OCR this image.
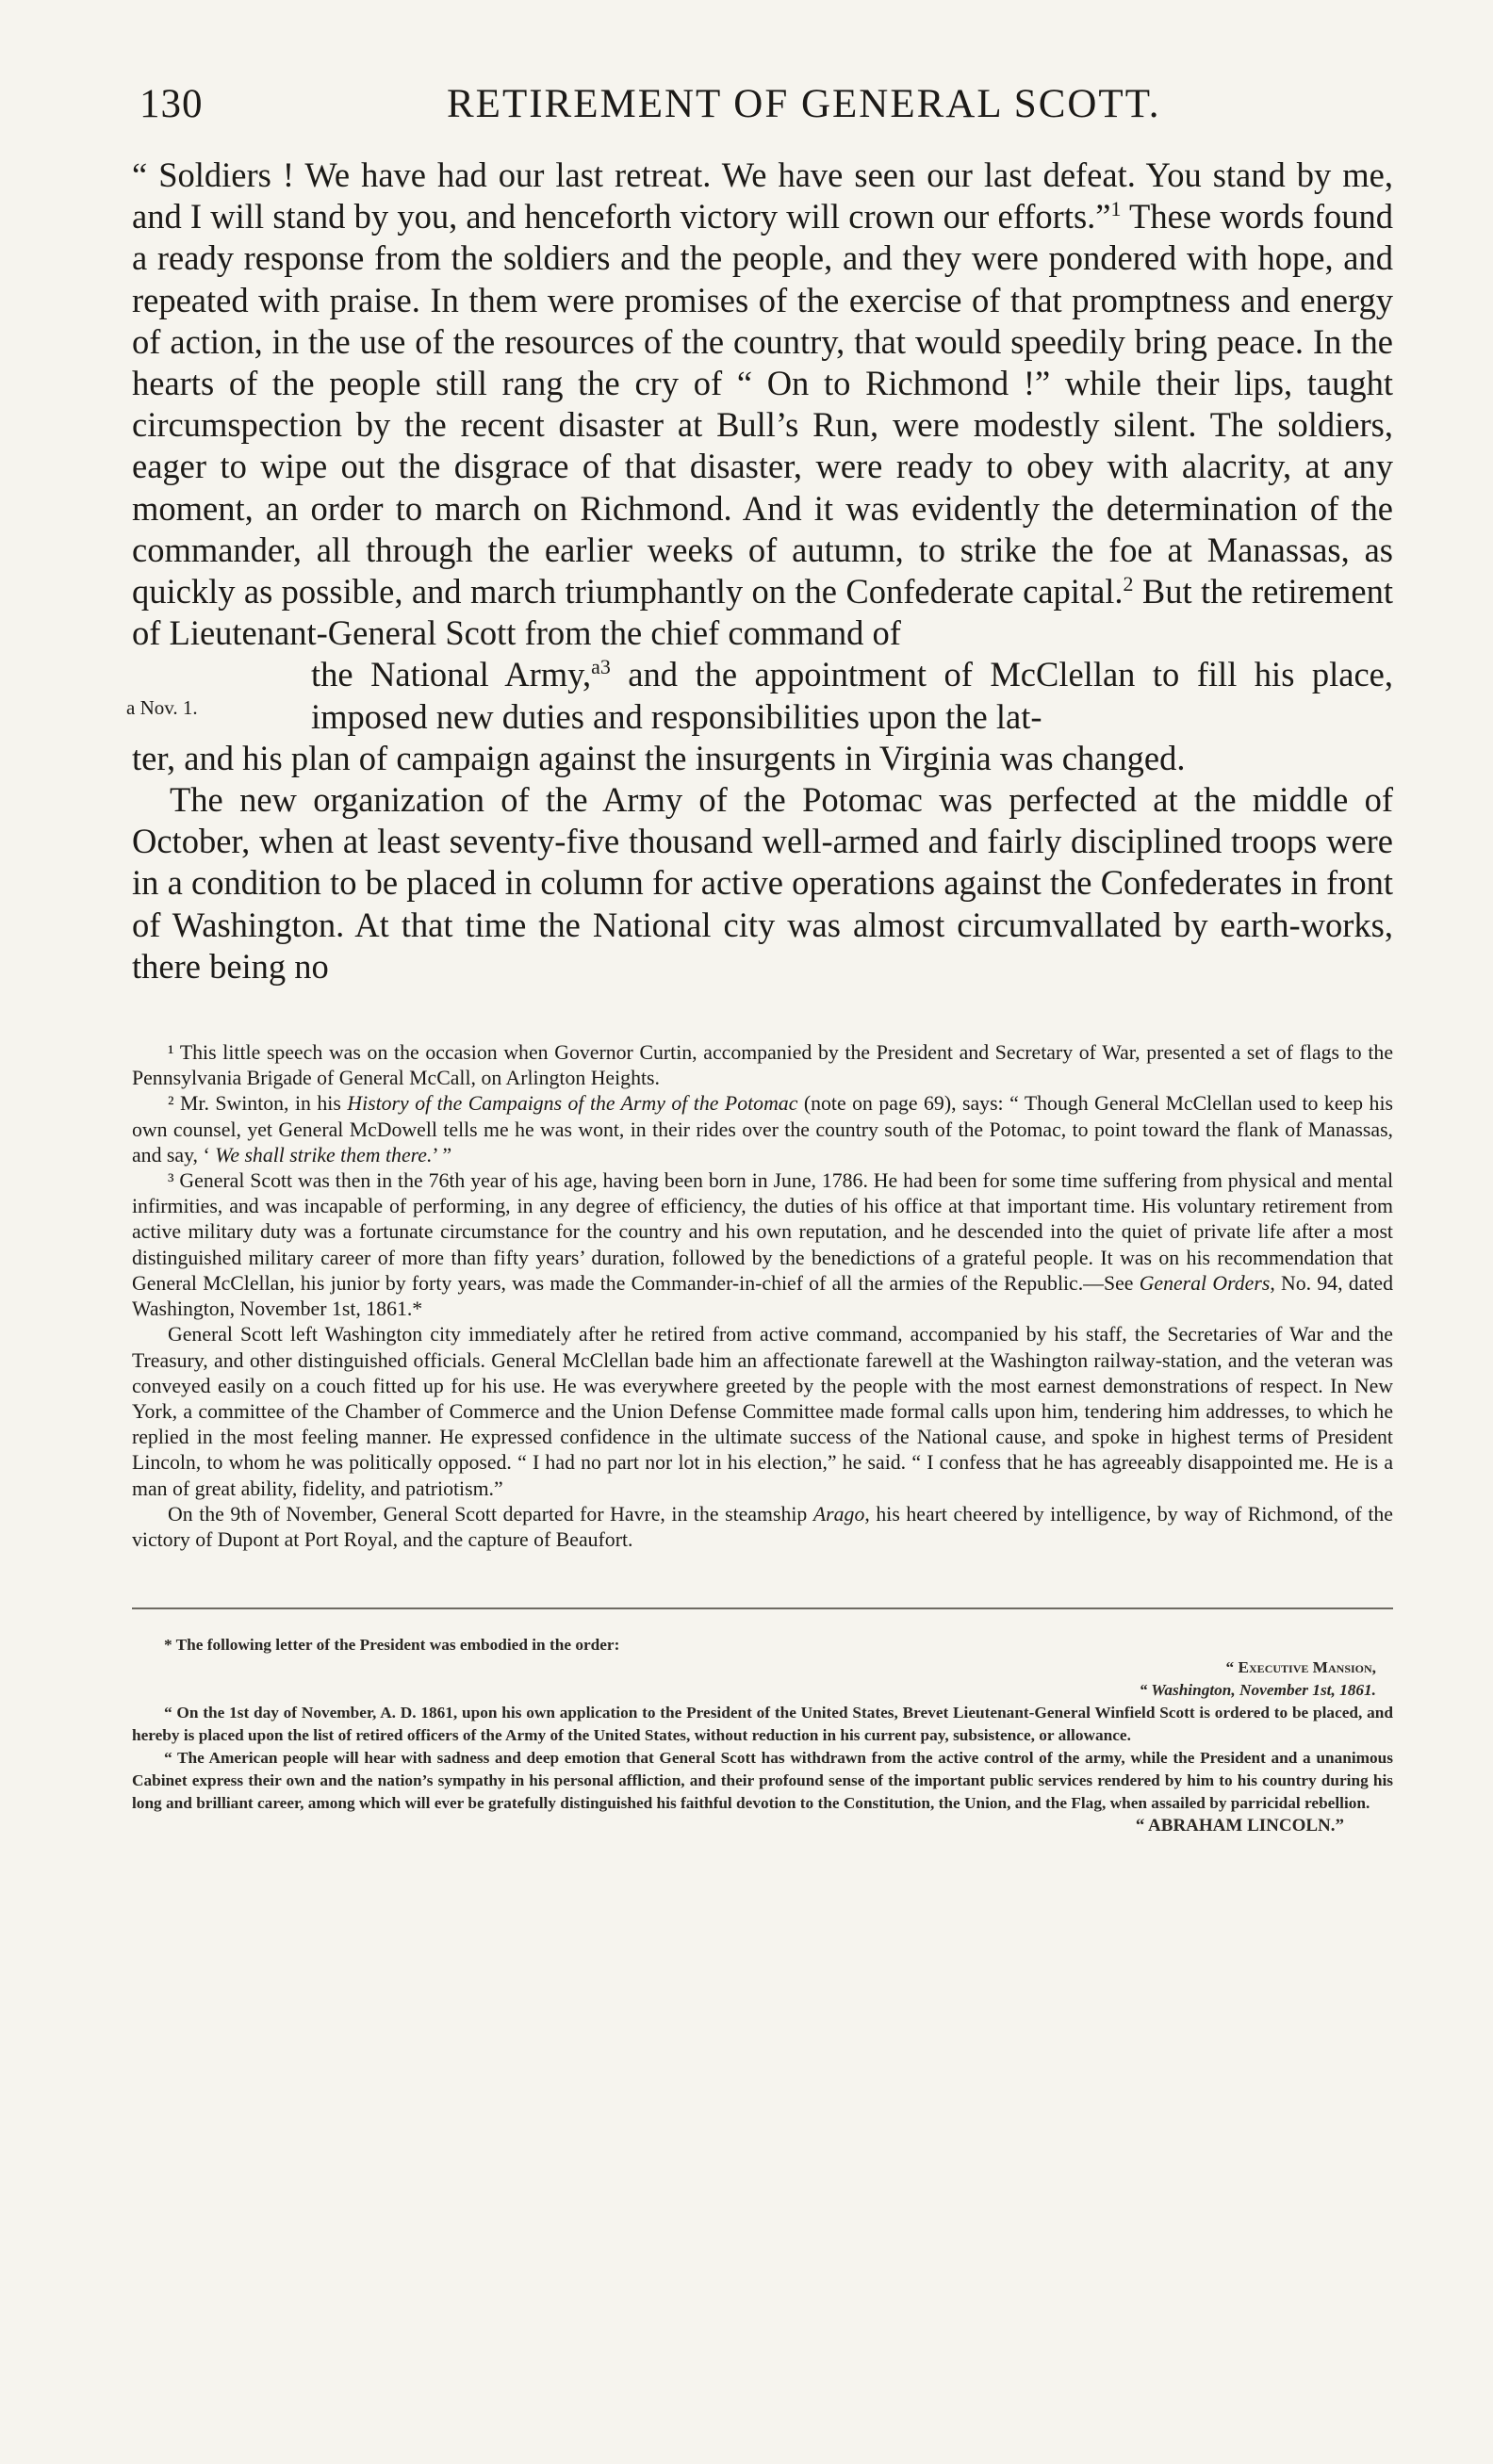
130	RETIREMENT OF GENERAL SCOTT.

“ Soldiers ! We have had our last retreat. We have seen our last defeat. You stand by me, and I will stand by you, and henceforth victory will crown our efforts.”$^1$ These words found a ready response from the soldiers and the people, and they were pondered with hope, and repeated with praise. In them were promises of the exercise of that promptness and energy of action, in the use of the resources of the country, that would speedily bring peace. In the hearts of the people still rang the cry of “ On to Richmond !” while their lips, taught circumspection by the recent disaster at Bull’s Run, were modestly silent. The soldiers, eager to wipe out the disgrace of that disaster, were ready to obey with alacrity, at any moment, an order to march on Richmond. And it was evidently the determination of the commander, all through the earlier weeks of autumn, to strike the foe at Manassas, as quickly as possible, and march triumphantly on the Confederate capital.$^2$ But the retirement of Lieutenant-General Scott from the chief command of

a Nov. 1.
the National Army,$^{a3}$ and the appointment of McClellan to fill his place, imposed new duties and responsibilities upon the lat-

ter, and his plan of campaign against the insurgents in Virginia was changed.

The new organization of the Army of the Potomac was perfected at the middle of October, when at least seventy-five thousand well-armed and fairly disciplined troops were in a condition to be placed in column for active operations against the Confederates in front of Washington. At that time the National city was almost circumvallated by earth-works, there being no

¹ This little speech was on the occasion when Governor Curtin, accompanied by the President and Secretary of War, presented a set of flags to the Pennsylvania Brigade of General McCall, on Arlington Heights.

² Mr. Swinton, in his History of the Campaigns of the Army of the Potomac (note on page 69), says: “ Though General McClellan used to keep his own counsel, yet General McDowell tells me he was wont, in their rides over the country south of the Potomac, to point toward the flank of Manassas, and say, ‘ We shall strike them there.’ ”

³ General Scott was then in the 76th year of his age, having been born in June, 1786. He had been for some time suffering from physical and mental infirmities, and was incapable of performing, in any degree of efficiency, the duties of his office at that important time. His voluntary retirement from active military duty was a fortunate circumstance for the country and his own reputation, and he descended into the quiet of private life after a most distinguished military career of more than fifty years’ duration, followed by the benedictions of a grateful people. It was on his recommendation that General McClellan, his junior by forty years, was made the Commander-in-chief of all the armies of the Republic.—See General Orders, No. 94, dated Washington, November 1st, 1861.*

General Scott left Washington city immediately after he retired from active command, accompanied by his staff, the Secretaries of War and the Treasury, and other distinguished officials. General McClellan bade him an affectionate farewell at the Washington railway-station, and the veteran was conveyed easily on a couch fitted up for his use. He was everywhere greeted by the people with the most earnest demonstrations of respect. In New York, a committee of the Chamber of Commerce and the Union Defense Committee made formal calls upon him, tendering him addresses, to which he replied in the most feeling manner. He expressed confidence in the ultimate success of the National cause, and spoke in highest terms of President Lincoln, to whom he was politically opposed. “ I had no part nor lot in his election,” he said. “ I confess that he has agreeably disappointed me. He is a man of great ability, fidelity, and patriotism.”

On the 9th of November, General Scott departed for Havre, in the steamship Arago, his heart cheered by intelligence, by way of Richmond, of the victory of Dupont at Port Royal, and the capture of Beaufort.

* The following letter of the President was embodied in the order:

“ Executive Mansion,

“ Washington, November 1st, 1861.

“ On the 1st day of November, A. D. 1861, upon his own application to the President of the United States, Brevet Lieutenant-General Winfield Scott is ordered to be placed, and hereby is placed upon the list of retired officers of the Army of the United States, without reduction in his current pay, subsistence, or allowance.

“ The American people will hear with sadness and deep emotion that General Scott has withdrawn from the active control of the army, while the President and a unanimous Cabinet express their own and the nation’s sympathy in his personal affliction, and their profound sense of the important public services rendered by him to his country during his long and brilliant career, among which will ever be gratefully distinguished his faithful devotion to the Constitution, the Union, and the Flag, when assailed by parricidal rebellion.

“ ABRAHAM LINCOLN.”
